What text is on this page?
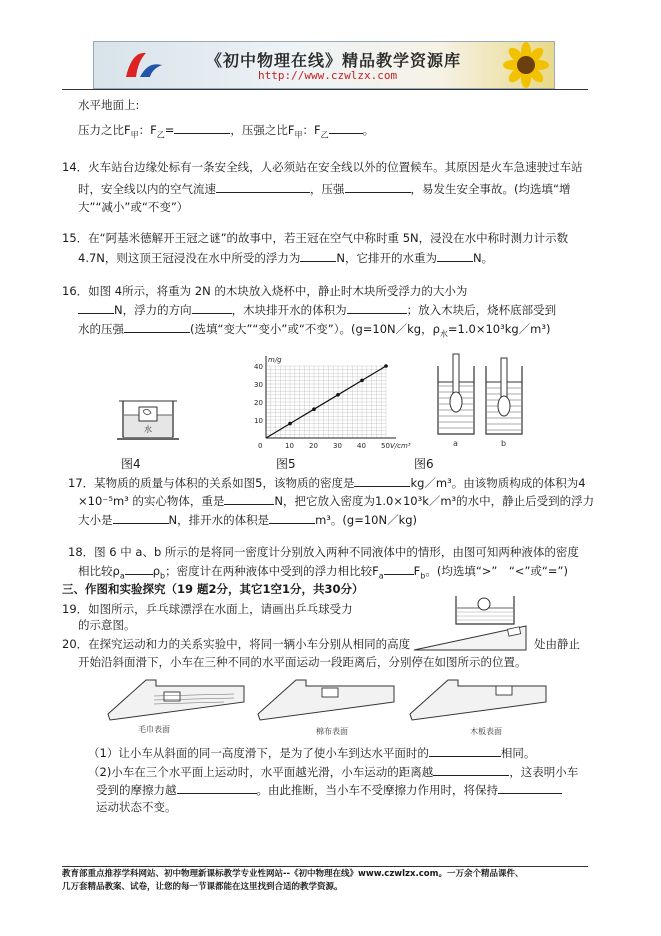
《初中物理在线》精品教学资源库
http://www.czwlzx.com
水平地面上:
压力之比$F_甲$：$F_乙=$	，压强之比$F_甲$：$F_乙$	。
14．火车站台边缘处标有一条安全线，人必须站在安全线以外的位置候车。其原因是火车急速驶过车站
时，安全线以内的空气流速	，压强	，易发生安全事故。(均选填“增
大”“减小”或“不变”）
15．在“阿基米德解开王冠之谜”的故事中，若王冠在空气中称时重 5N，浸没在水中称时测力计示数
4.7N，则这顶王冠浸没在水中所受的浮力为	N，它排开的水重为	N。
16．如图 4所示，将重为 2N 的木块放入烧杯中，静止时木块所受浮力的大小为
N，浮力的方向	，木块排开水的体积为	；放入木块后，烧杯底部受到
水的压强	(选填“变大”“变小”或“不变”）。(g=10N／kg，$\rho_水=1.0\times 10^3kg/m^3$)
水
图4
10 20 30 40 50
10
20
30
40
0	V/cm³
m/g
图5
a	b
图6
17．某物质的质量与体积的关系如图5，该物质的密度是	kg／m³。由该物质构成的体积为4
×10⁻⁵m³ 的实心物体，重是	N，把它放入密度为1.0×10³k／m³的水中，静止后受到的浮力
大小是	N，排开水的体积是	m³。(g=10N／kg)
18．图 6 中 a、b 所示的是将同一密度计分别放入两种不同液体中的情形，由图可知两种液体的密度
相比较$\rho_a$ $\rho_b$；密度计在两种液体中受到的浮力相比较$F_a$	$F_b$。(均选填“>”　“<”或“=”)
三、作图和实验探究（19 题2分，其它1空1分，共30分）
19．如图所示，乒乓球漂浮在水面上，请画出乒乓球受力
的示意图。
20．在探究运动和力的关系实验中，将同一辆小车分别从相同的高度	处由静止
开始沿斜面滑下，小车在三种不同的水平面运动一段距离后，分别停在如图所示的位置。
毛巾表面	棉布表面	木板表面
（1）让小车从斜面的同一高度滑下，是为了使小车到达水平面时的	相同。
（2)小车在三个水平面上运动时，水平面越光滑，小车运动的距离越	，这表明小车
受到的摩擦力越	。由此推断，当小车不受摩擦力作用时，将保持
运动状态不变。
教育部重点推荐学科网站、初中物理新课标教学专业性网站--《初中物理在线》www.czwlzx.com。一万余个精品课件、
几万套精品教案、试卷，让您的每一节课都能在这里找到合适的教学资源。
